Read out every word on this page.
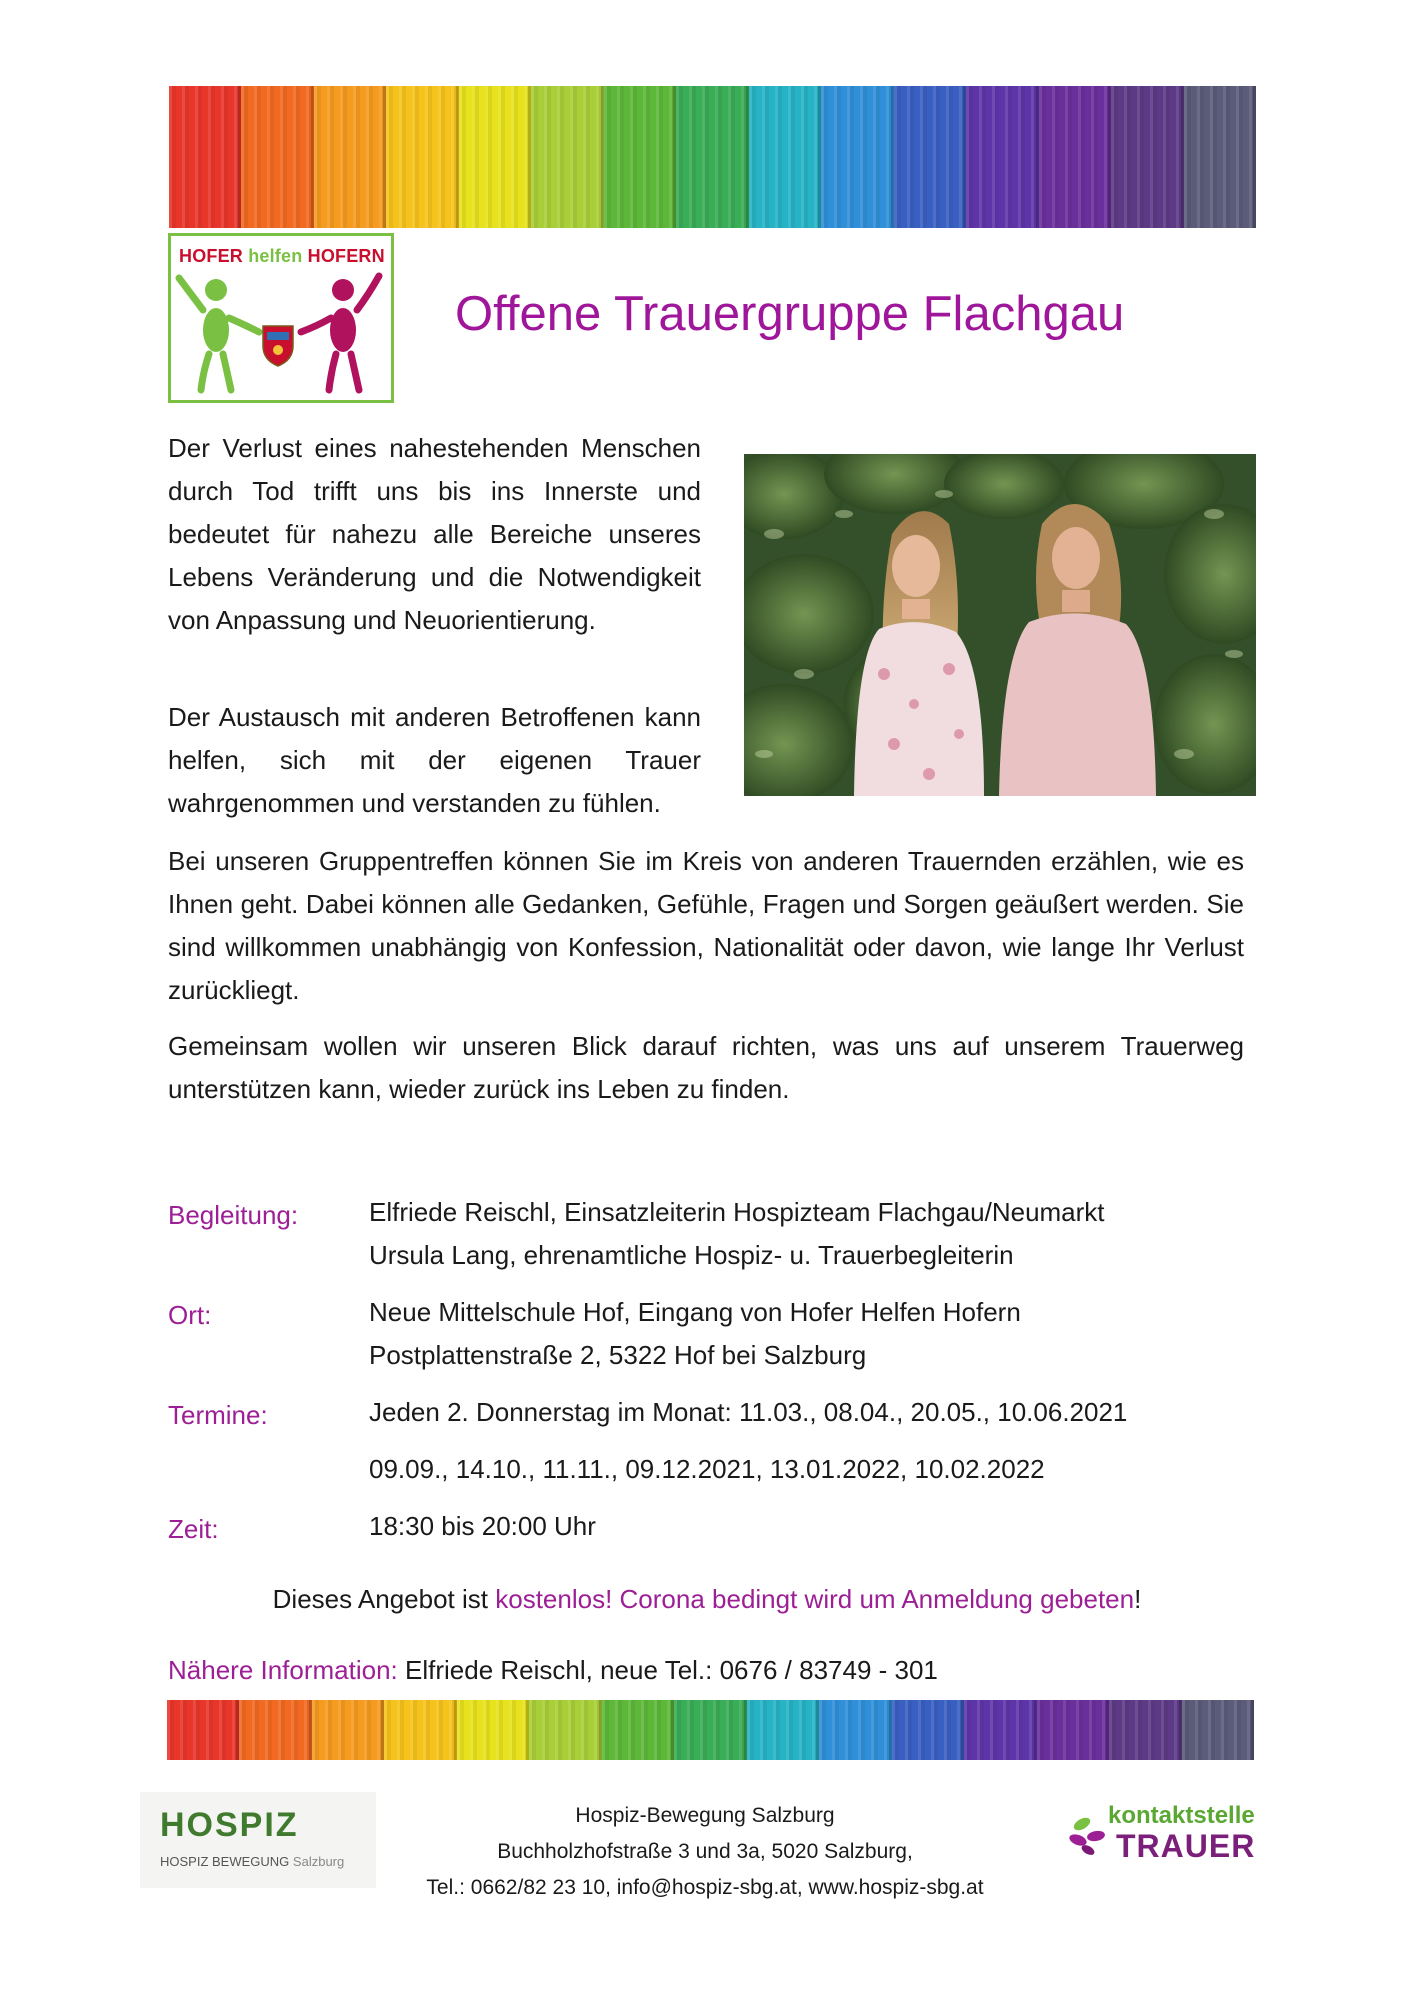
HOFER helfen HOFERN
Offene Trauergruppe Flachgau

Der Verlust eines nahestehenden Menschen durch Tod trifft uns bis ins Innerste und bedeutet für nahezu alle Bereiche unseres Lebens Veränderung und die Notwendigkeit von Anpassung und Neuorientierung.

Der Austausch mit anderen Betroffenen kann helfen, sich mit der eigenen Trauer wahrgenommen und verstanden zu fühlen.

Bei unseren Gruppentreffen können Sie im Kreis von anderen Trauernden erzählen, wie es Ihnen geht. Dabei können alle Gedanken, Gefühle, Fragen und Sorgen geäußert werden. Sie sind willkommen unabhängig von Konfession, Nationalität oder davon, wie lange Ihr Verlust zurückliegt.

Gemeinsam wollen wir unseren Blick darauf richten, was uns auf unserem Trauerweg unterstützen kann, wieder zurück ins Leben zu finden.

Begleitung:	Elfriede Reischl, Einsatzleiterin Hospizteam Flachgau/Neumarkt
Ursula Lang, ehrenamtliche Hospiz- u. Trauerbegleiterin
Ort:	Neue Mittelschule Hof, Eingang von Hofer Helfen Hofern
Postplattenstraße 2, 5322 Hof bei Salzburg
Termine:	Jeden 2. Donnerstag im Monat: 11.03., 08.04., 20.05., 10.06.2021
09.09., 14.10., 11.11., 09.12.2021, 13.01.2022, 10.02.2022
Zeit:	18:30 bis 20:00 Uhr
Dieses Angebot ist kostenlos! Corona bedingt wird um Anmeldung gebeten!
Nähere Information: Elfriede Reischl, neue Tel.: 0676 / 83749 - 301
HOSPIZ
HOSPIZ BEWEGUNG Salzburg
Hospiz-Bewegung Salzburg
Buchholzhofstraße 3 und 3a, 5020 Salzburg,
Tel.: 0662/82 23 10, info@hospiz-sbg.at, www.hospiz-sbg.at
kontaktstelle
TRAUER
